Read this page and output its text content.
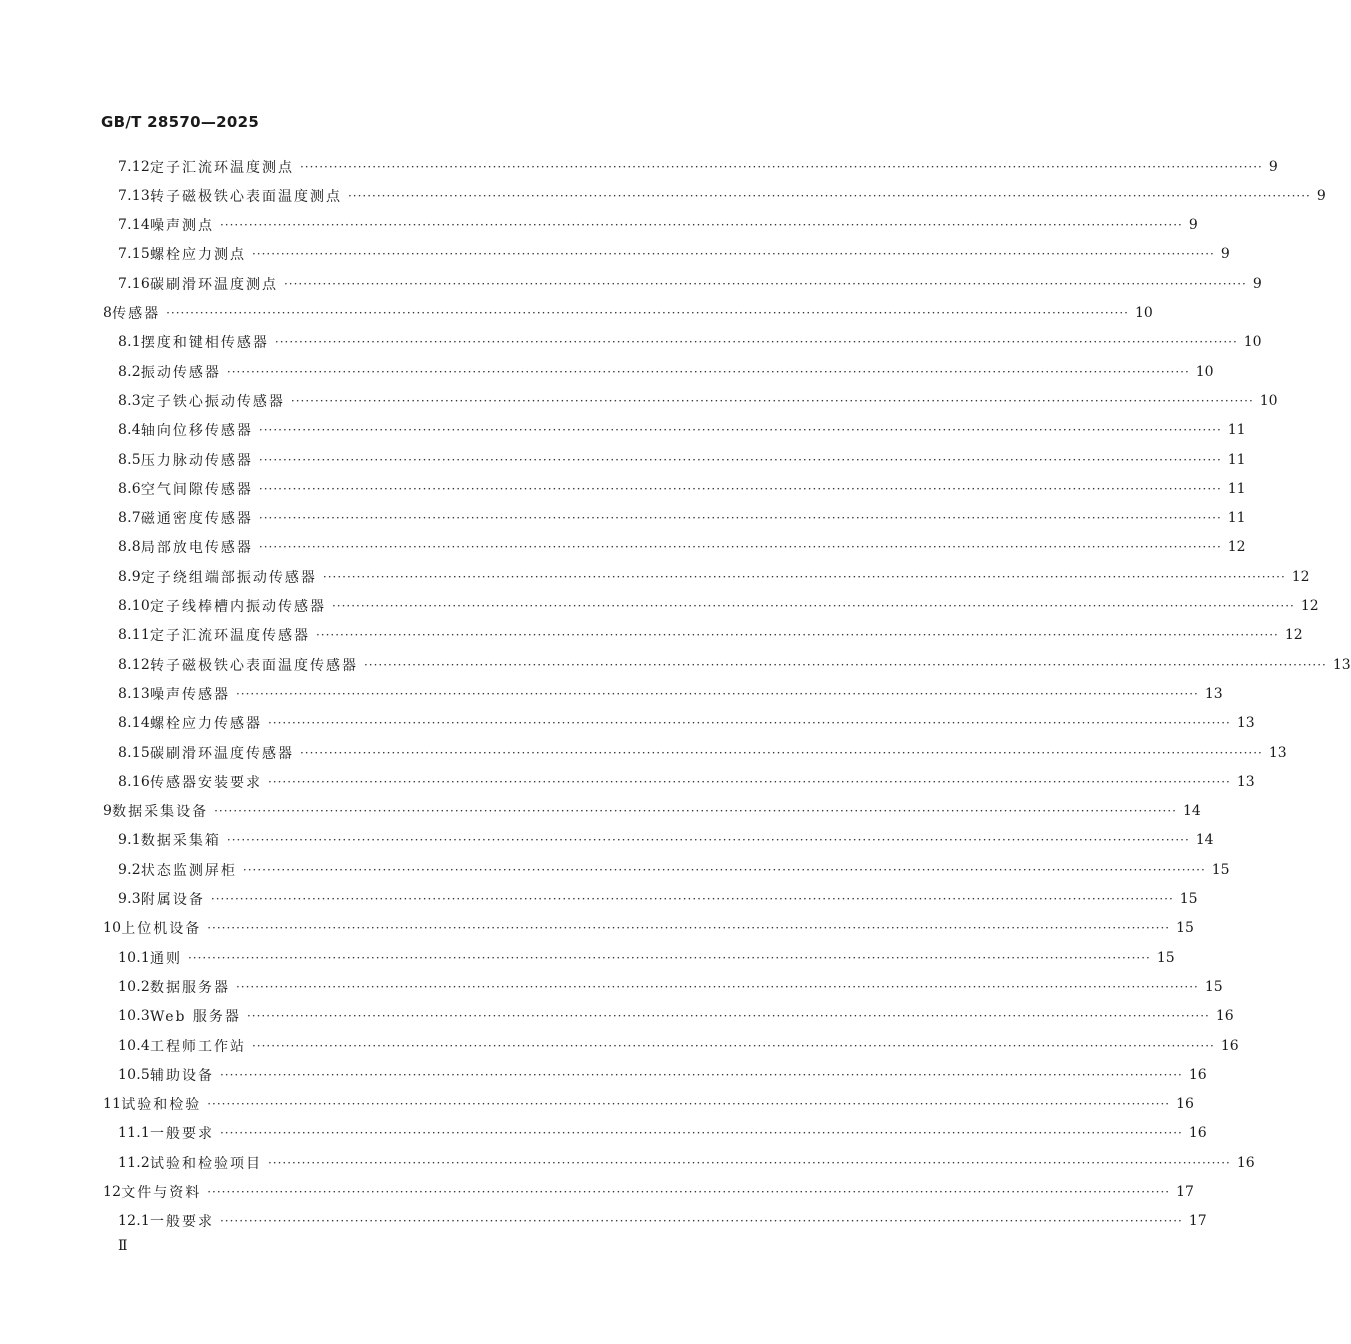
GB/T 28570—2025
7.12 定子汇流环温度测点 ········································································································································································································ 9
7.13 转子磁极铁心表面温度测点 ········································································································································································································ 9
7.14 噪声测点 ········································································································································································································ 9
7.15 螺栓应力测点 ········································································································································································································ 9
7.16 碳刷滑环温度测点 ········································································································································································································ 9
8 传感器 ········································································································································································································ 10
8.1 摆度和键相传感器 ········································································································································································································ 10
8.2 振动传感器 ········································································································································································································ 10
8.3 定子铁心振动传感器 ········································································································································································································ 10
8.4 轴向位移传感器 ········································································································································································································ 11
8.5 压力脉动传感器 ········································································································································································································ 11
8.6 空气间隙传感器 ········································································································································································································ 11
8.7 磁通密度传感器 ········································································································································································································ 11
8.8 局部放电传感器 ········································································································································································································ 12
8.9 定子绕组端部振动传感器 ········································································································································································································ 12
8.10 定子线棒槽内振动传感器 ········································································································································································································ 12
8.11 定子汇流环温度传感器 ········································································································································································································ 12
8.12 转子磁极铁心表面温度传感器 ········································································································································································································ 13
8.13 噪声传感器 ········································································································································································································ 13
8.14 螺栓应力传感器 ········································································································································································································ 13
8.15 碳刷滑环温度传感器 ········································································································································································································ 13
8.16 传感器安装要求 ········································································································································································································ 13
9 数据采集设备 ········································································································································································································ 14
9.1 数据采集箱 ········································································································································································································ 14
9.2 状态监测屏柜 ········································································································································································································ 15
9.3 附属设备 ········································································································································································································ 15
10 上位机设备 ········································································································································································································ 15
10.1 通则 ········································································································································································································ 15
10.2 数据服务器 ········································································································································································································ 15
10.3 Web 服务器 ········································································································································································································ 16
10.4 工程师工作站 ········································································································································································································ 16
10.5 辅助设备 ········································································································································································································ 16
11 试验和检验 ········································································································································································································ 16
11.1 一般要求 ········································································································································································································ 16
11.2 试验和检验项目 ········································································································································································································ 16
12 文件与资料 ········································································································································································································ 17
12.1 一般要求 ········································································································································································································ 17
Ⅱ
